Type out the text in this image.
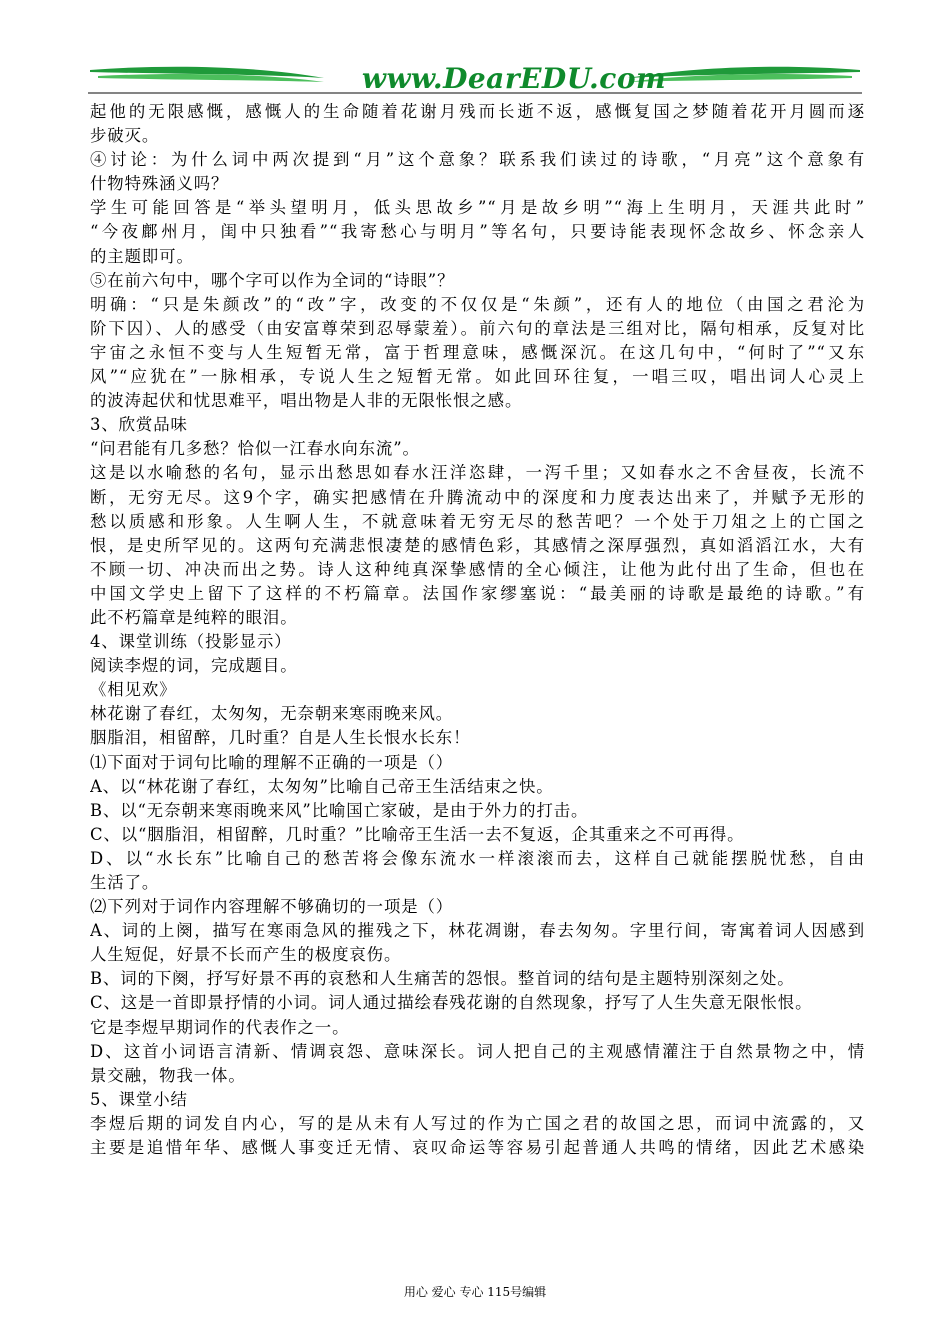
www.DearEDU.com
起他的无限感慨，感慨人的生命随着花谢月残而长逝不返，感慨复国之梦随着花开月圆而逐
步破灭。
④讨论：为什么词中两次提到“月”这个意象？联系我们读过的诗歌，“月亮”这个意象有
什物特殊涵义吗？
学生可能回答是“举头望明月，低头思故乡”“月是故乡明”“海上生明月，天涯共此时”
“今夜鄜州月，闺中只独看”“我寄愁心与明月”等名句，只要诗能表现怀念故乡、怀念亲人
的主题即可。
⑤在前六句中，哪个字可以作为全词的“诗眼”？
明确：“只是朱颜改”的“改”字，改变的不仅仅是“朱颜”，还有人的地位（由国之君沦为
阶下囚）、人的感受（由安富尊荣到忍辱蒙羞）。前六句的章法是三组对比，隔句相承，反复对比
宇宙之永恒不变与人生短暂无常，富于哲理意味，感慨深沉。在这几句中，“何时了”“又东
风”“应犹在”一脉相承，专说人生之短暂无常。如此回环往复，一唱三叹，唱出词人心灵上
的波涛起伏和忧思难平，唱出物是人非的无限怅恨之感。
3、欣赏品味
“问君能有几多愁？恰似一江春水向东流”。
这是以水喻愁的名句，显示出愁思如春水汪洋恣肆，一泻千里；又如春水之不舍昼夜，长流不
断，无穷无尽。这9个字，确实把感情在升腾流动中的深度和力度表达出来了，并赋予无形的
愁以质感和形象。人生啊人生，不就意味着无穷无尽的愁苦吧？一个处于刀俎之上的亡国之
恨，是史所罕见的。这两句充满悲恨凄楚的感情色彩，其感情之深厚强烈，真如滔滔江水，大有
不顾一切、冲决而出之势。诗人这种纯真深挚感情的全心倾注，让他为此付出了生命，但也在
中国文学史上留下了这样的不朽篇章。法国作家缪塞说：“最美丽的诗歌是最绝的诗歌。”有
此不朽篇章是纯粹的眼泪。
4、课堂训练（投影显示）
阅读李煜的词，完成题目。
《相见欢》
林花谢了春红，太匆匆，无奈朝来寒雨晚来风。
胭脂泪，相留醉，几时重？自是人生长恨水长东！
⑴下面对于词句比喻的理解不正确的一项是（）
A、以“林花谢了春红，太匆匆”比喻自己帝王生活结束之快。
B、以“无奈朝来寒雨晚来风”比喻国亡家破，是由于外力的打击。
C、以“胭脂泪，相留醉，几时重？”比喻帝王生活一去不复返，企其重来之不可再得。
D、以“水长东”比喻自己的愁苦将会像东流水一样滚滚而去，这样自己就能摆脱忧愁，自由
生活了。
⑵下列对于词作内容理解不够确切的一项是（）
A、词的上阕，描写在寒雨急风的摧残之下，林花凋谢，春去匆匆。字里行间，寄寓着词人因感到
人生短促，好景不长而产生的极度哀伤。
B、词的下阕，抒写好景不再的哀愁和人生痛苦的怨恨。整首词的结句是主题特别深刻之处。
C、这是一首即景抒情的小词。词人通过描绘春残花谢的自然现象，抒写了人生失意无限怅恨。
它是李煜早期词作的代表作之一。
D、这首小词语言清新、情调哀怨、意味深长。词人把自己的主观感情灌注于自然景物之中，情
景交融，物我一体。
5、课堂小结
李煜后期的词发自内心，写的是从未有人写过的作为亡国之君的故国之思，而词中流露的，又
主要是追惜年华、感慨人事变迁无情、哀叹命运等容易引起普通人共鸣的情绪，因此艺术感染
用心 爱心 专心 115号编辑
